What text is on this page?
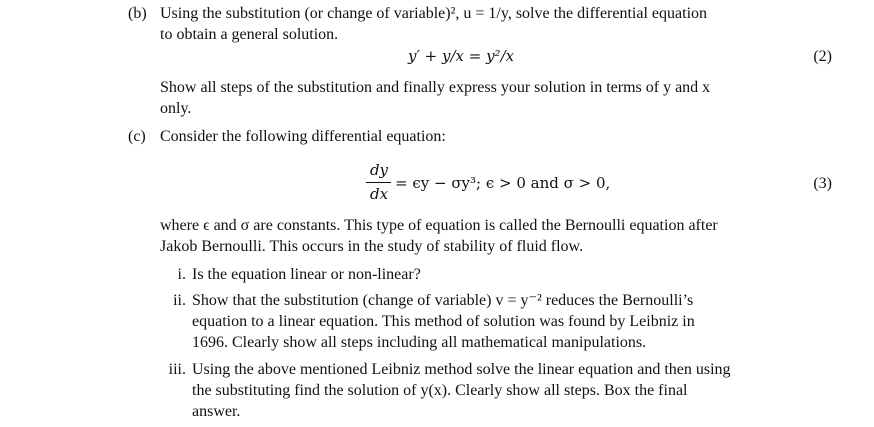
(b) Using the substitution (or change of variable)², u = 1/y, solve the differential equation
to obtain a general solution.
y′ + y/x = y²/x	(2)
Show all steps of the substitution and finally express your solution in terms of y and x
only.
(c) Consider the following differential equation:
dy
dx
= ϵy − σy³; ϵ > 0 and σ > 0,	(3)
where ϵ and σ are constants. This type of equation is called the Bernoulli equation after
Jakob Bernoulli. This occurs in the study of stability of fluid flow.
i. Is the equation linear or non-linear?
ii. Show that the substitution (change of variable) v = y⁻² reduces the Bernoulli’s
equation to a linear equation. This method of solution was found by Leibniz in
1696. Clearly show all steps including all mathematical manipulations.
iii. Using the above mentioned Leibniz method solve the linear equation and then using
the substituting find the solution of y(x). Clearly show all steps. Box the final
answer.
